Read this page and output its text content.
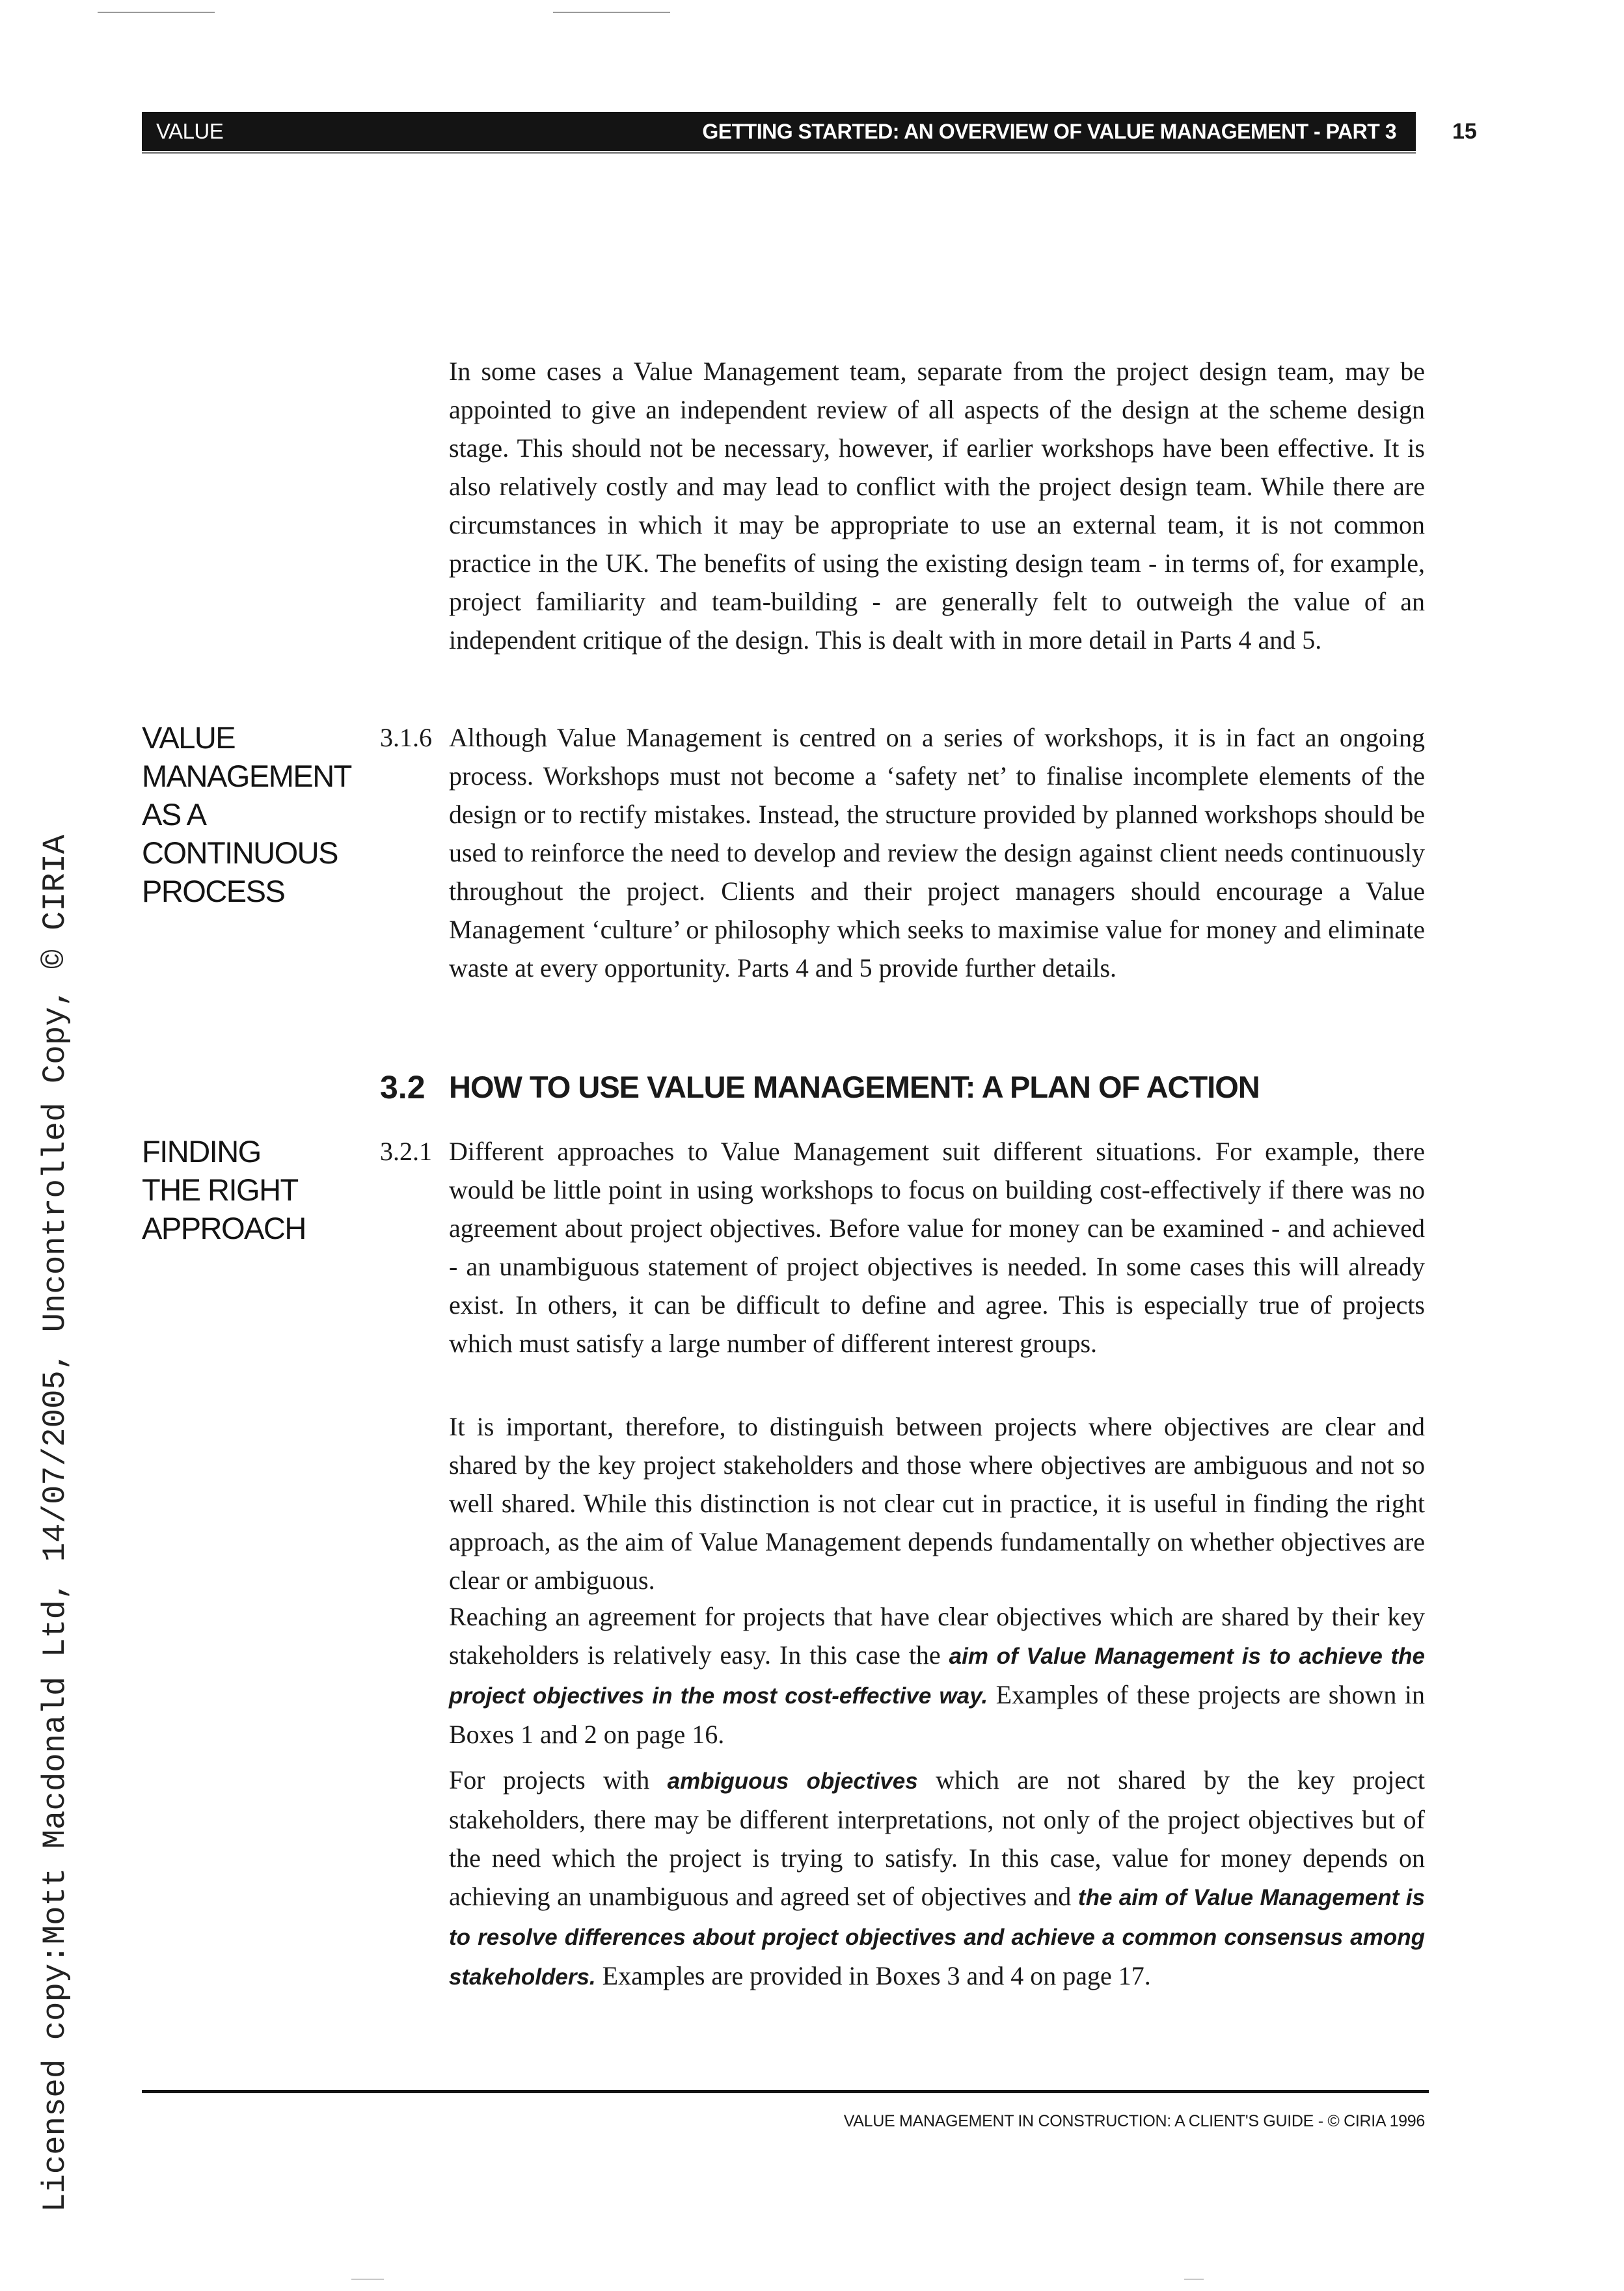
VALUE MANAGEMENT
GETTING STARTED: AN OVERVIEW OF VALUE MANAGEMENT - PART 3	15
Licensed copy:Mott Macdonald Ltd, 14/07/2005, Uncontrolled Copy, © CIRIA

In some cases a Value Management team, separate from the project design team, may be appointed to give an independent review of all aspects of the design at the scheme design stage. This should not be necessary, however, if earlier workshops have been effective. It is also relatively costly and may lead to conflict with the project design team. While there are circumstances in which it may be appropriate to use an external team, it is not common practice in the UK. The benefits of using the existing design team - in terms of, for example, project familiarity and team-building - are generally felt to outweigh the value of an independent critique of the design. This is dealt with in more detail in Parts 4 and 5.

VALUE
MANAGEMENT
AS A
CONTINUOUS
PROCESS
3.1.6 Although Value Management is centred on a series of workshops, it is in fact an ongoing process. Workshops must not become a ‘safety net’ to finalise incomplete elements of the design or to rectify mistakes. Instead, the structure provided by planned workshops should be used to reinforce the need to develop and review the design against client needs continuously throughout the project. Clients and their project managers should encourage a Value Management ‘culture’ or philosophy which seeks to maximise value for money and eliminate waste at every opportunity. Parts 4 and 5 provide further details.

3.2 HOW TO USE VALUE MANAGEMENT: A PLAN OF ACTION
FINDING
THE RIGHT
APPROACH
3.2.1 Different approaches to Value Management suit different situations. For example, there would be little point in using workshops to focus on building cost-effectively if there was no agreement about project objectives. Before value for money can be examined - and achieved - an unambiguous statement of project objectives is needed. In some cases this will already exist. In others, it can be difficult to define and agree. This is especially true of projects which must satisfy a large number of different interest groups.

It is important, therefore, to distinguish between projects where objectives are clear and shared by the key project stakeholders and those where objectives are ambiguous and not so well shared. While this distinction is not clear cut in practice, it is useful in finding the right approach, as the aim of Value Management depends fundamentally on whether objectives are clear or ambiguous.

Reaching an agreement for projects that have clear objectives which are shared by their key stakeholders is relatively easy. In this case the aim of Value Management is to achieve the project objectives in the most cost-effective way. Examples of these projects are shown in Boxes 1 and 2 on page 16.

For projects with ambiguous objectives which are not shared by the key project stakeholders, there may be different interpretations, not only of the project objectives but of the need which the project is trying to satisfy. In this case, value for money depends on achieving an unambiguous and agreed set of objectives and the aim of Value Management is to resolve differences about project objectives and achieve a common consensus among stakeholders. Examples are provided in Boxes 3 and 4 on page 17.

VALUE MANAGEMENT IN CONSTRUCTION: A CLIENT'S GUIDE - © CIRIA 1996
